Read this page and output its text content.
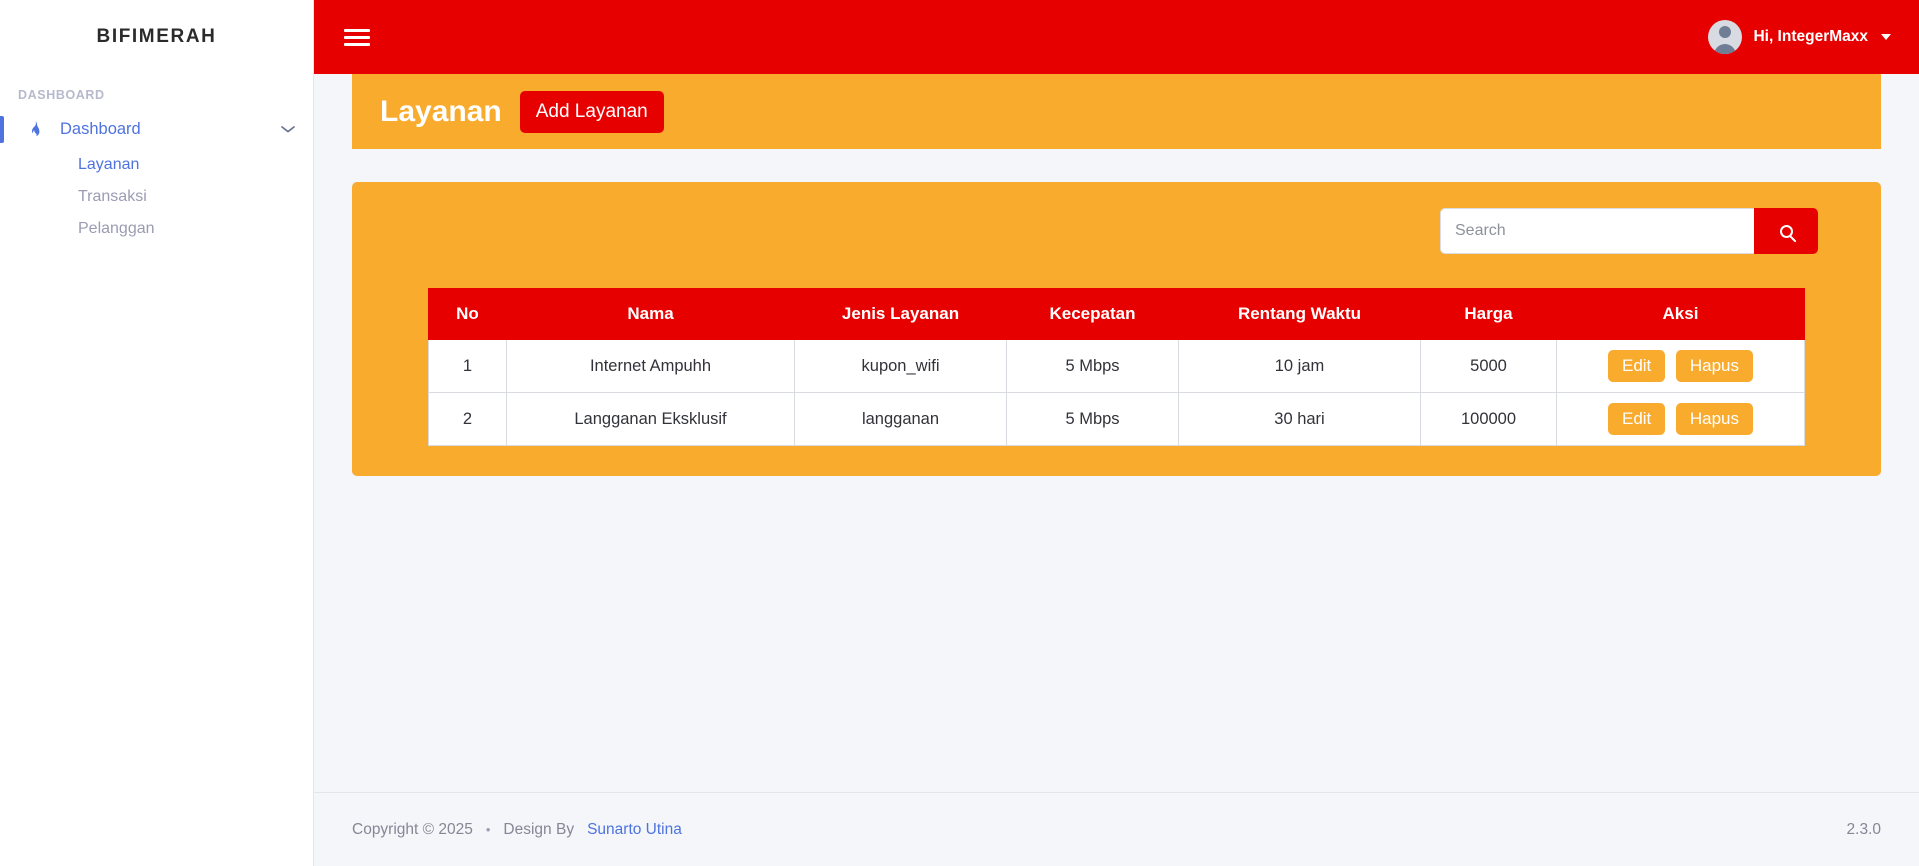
BIFIMERAH
DASHBOARD
Dashboard
Layanan
Transaksi
Pelanggan
Hi, IntegerMaxx
Layanan	Add Layanan
Search
No	Nama	Jenis Layanan	Kecepatan	Rentang Waktu	Harga	Aksi
1	Internet Ampuhh	kupon_wifi	5 Mbps	10 jam	5000	Edit Hapus
2	Langganan Eksklusif	langganan	5 Mbps	30 hari	100000	Edit Hapus
Copyright © 2025 • Design By Sunarto Utina	2.3.0
